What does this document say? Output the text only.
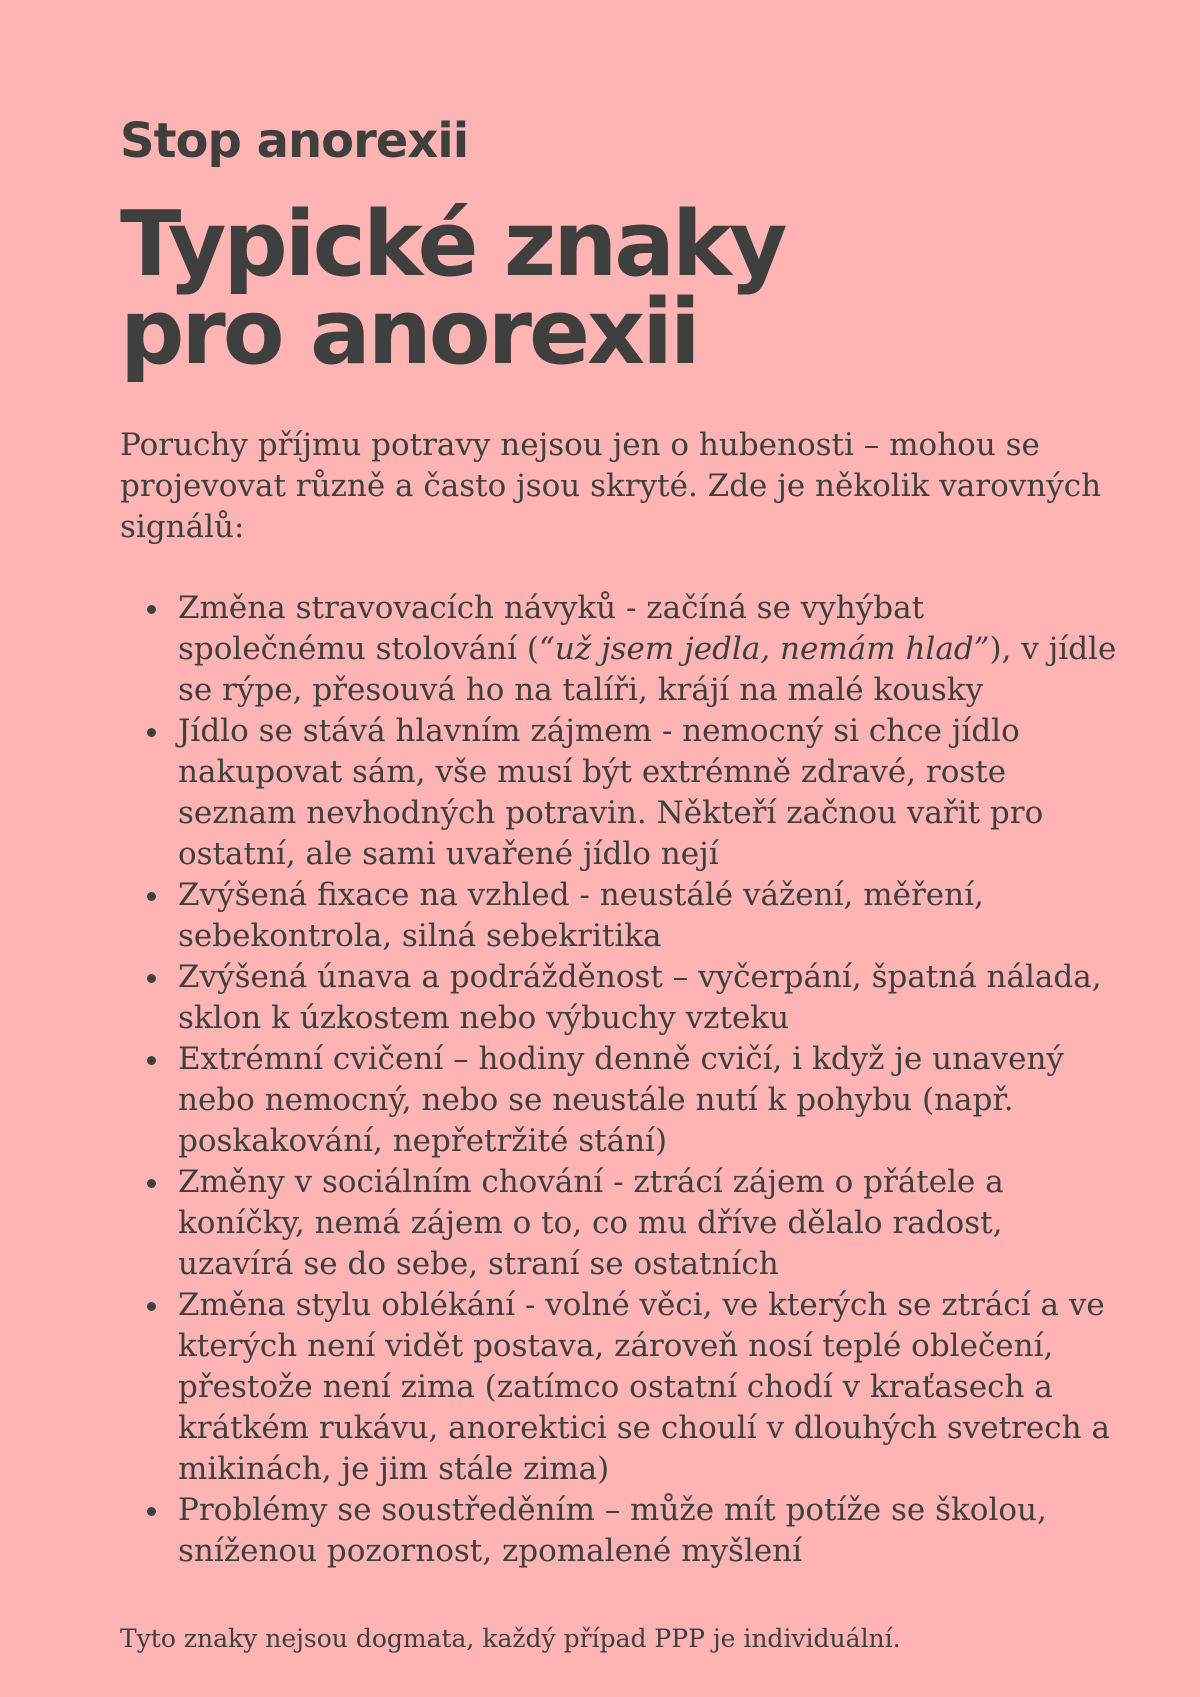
Stop anorexii
Typické znaky
pro anorexii

Poruchy příjmu potravy nejsou jen o hubenosti – mohou se projevovat různě a často jsou skryté. Zde je několik varovných signálů:

Změna stravovacích návyků - začíná se vyhýbat společnému stolování (“už jsem jedla, nemám hlad”), v jídle se rýpe, přesouvá ho na talíři, krájí na malé kousky
Jídlo se stává hlavním zájmem - nemocný si chce jídlo nakupovat sám, vše musí být extrémně zdravé, roste seznam nevhodných potravin. Někteří začnou vařit pro ostatní, ale sami uvařené jídlo nejí
Zvýšená fixace na vzhled - neustálé vážení, měření, sebekontrola, silná sebekritika
Zvýšená únava a podrážděnost – vyčerpání, špatná nálada, sklon k úzkostem nebo výbuchy vzteku
Extrémní cvičení – hodiny denně cvičí, i když je unavený nebo nemocný, nebo se neustále nutí k pohybu (např. poskakování, nepřetržité stání)
Změny v sociálním chování - ztrácí zájem o přátele a koníčky, nemá zájem o to, co mu dříve dělalo radost, uzavírá se do sebe, straní se ostatních
Změna stylu oblékání - volné věci, ve kterých se ztrácí a ve kterých není vidět postava, zároveň nosí teplé oblečení, přestože není zima (zatímco ostatní chodí v kraťasech a krátkém rukávu, anorektici se choulí v dlouhých svetrech a mikinách, je jim stále zima)
Problémy se soustředěním – může mít potíže se školou, sníženou pozornost, zpomalené myšlení

Tyto znaky nejsou dogmata, každý případ PPP je individuální.
